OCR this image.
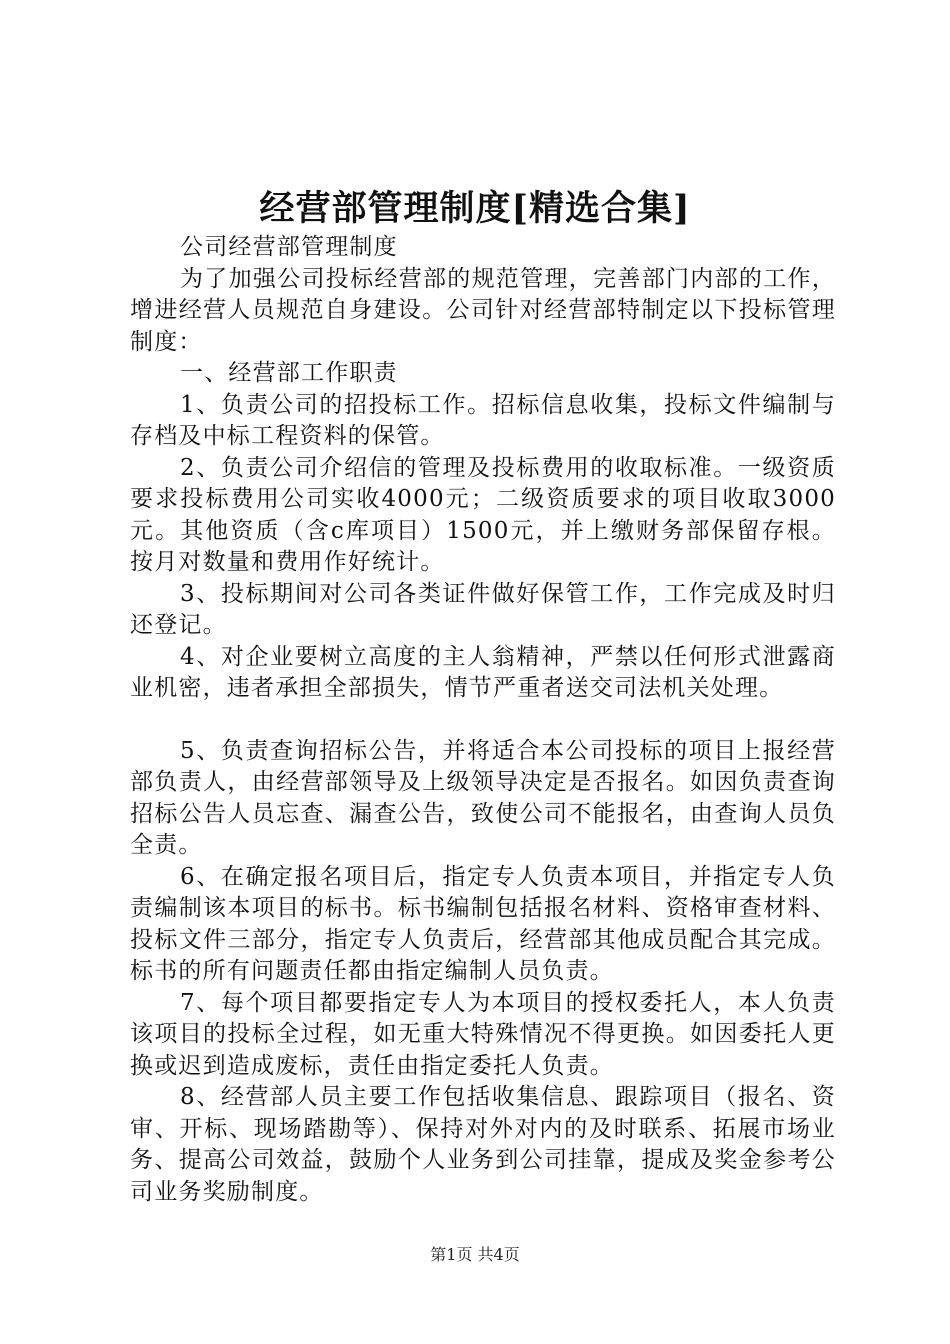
经营部管理制度[精选合集]

公司经营部管理制度

为了加强公司投标经营部的规范管理，完善部门内部的工作，增进经营人员规范自身建设。公司针对经营部特制定以下投标管理制度：

一、经营部工作职责

1、负责公司的招投标工作。招标信息收集，投标文件编制与存档及中标工程资料的保管。

2、负责公司介绍信的管理及投标费用的收取标准。一级资质要求投标费用公司实收4000元；二级资质要求的项目收取3000元。其他资质（含c库项目）1500元，并上缴财务部保留存根。按月对数量和费用作好统计。

3、投标期间对公司各类证件做好保管工作，工作完成及时归还登记。

4、对企业要树立高度的主人翁精神，严禁以任何形式泄露商业机密，违者承担全部损失，情节严重者送交司法机关处理。

5、负责查询招标公告，并将适合本公司投标的项目上报经营部负责人，由经营部领导及上级领导决定是否报名。如因负责查询招标公告人员忘查、漏查公告，致使公司不能报名，由查询人员负全责。

6、在确定报名项目后，指定专人负责本项目，并指定专人负责编制该本项目的标书。标书编制包括报名材料、资格审查材料、投标文件三部分，指定专人负责后，经营部其他成员配合其完成。标书的所有问题责任都由指定编制人员负责。

7、每个项目都要指定专人为本项目的授权委托人，本人负责该项目的投标全过程，如无重大特殊情况不得更换。如因委托人更换或迟到造成废标，责任由指定委托人负责。

8、经营部人员主要工作包括收集信息、跟踪项目（报名、资审、开标、现场踏勘等）、保持对外对内的及时联系、拓展市场业务、提高公司效益，鼓励个人业务到公司挂靠，提成及奖金参考公司业务奖励制度。

第1页 共4页
